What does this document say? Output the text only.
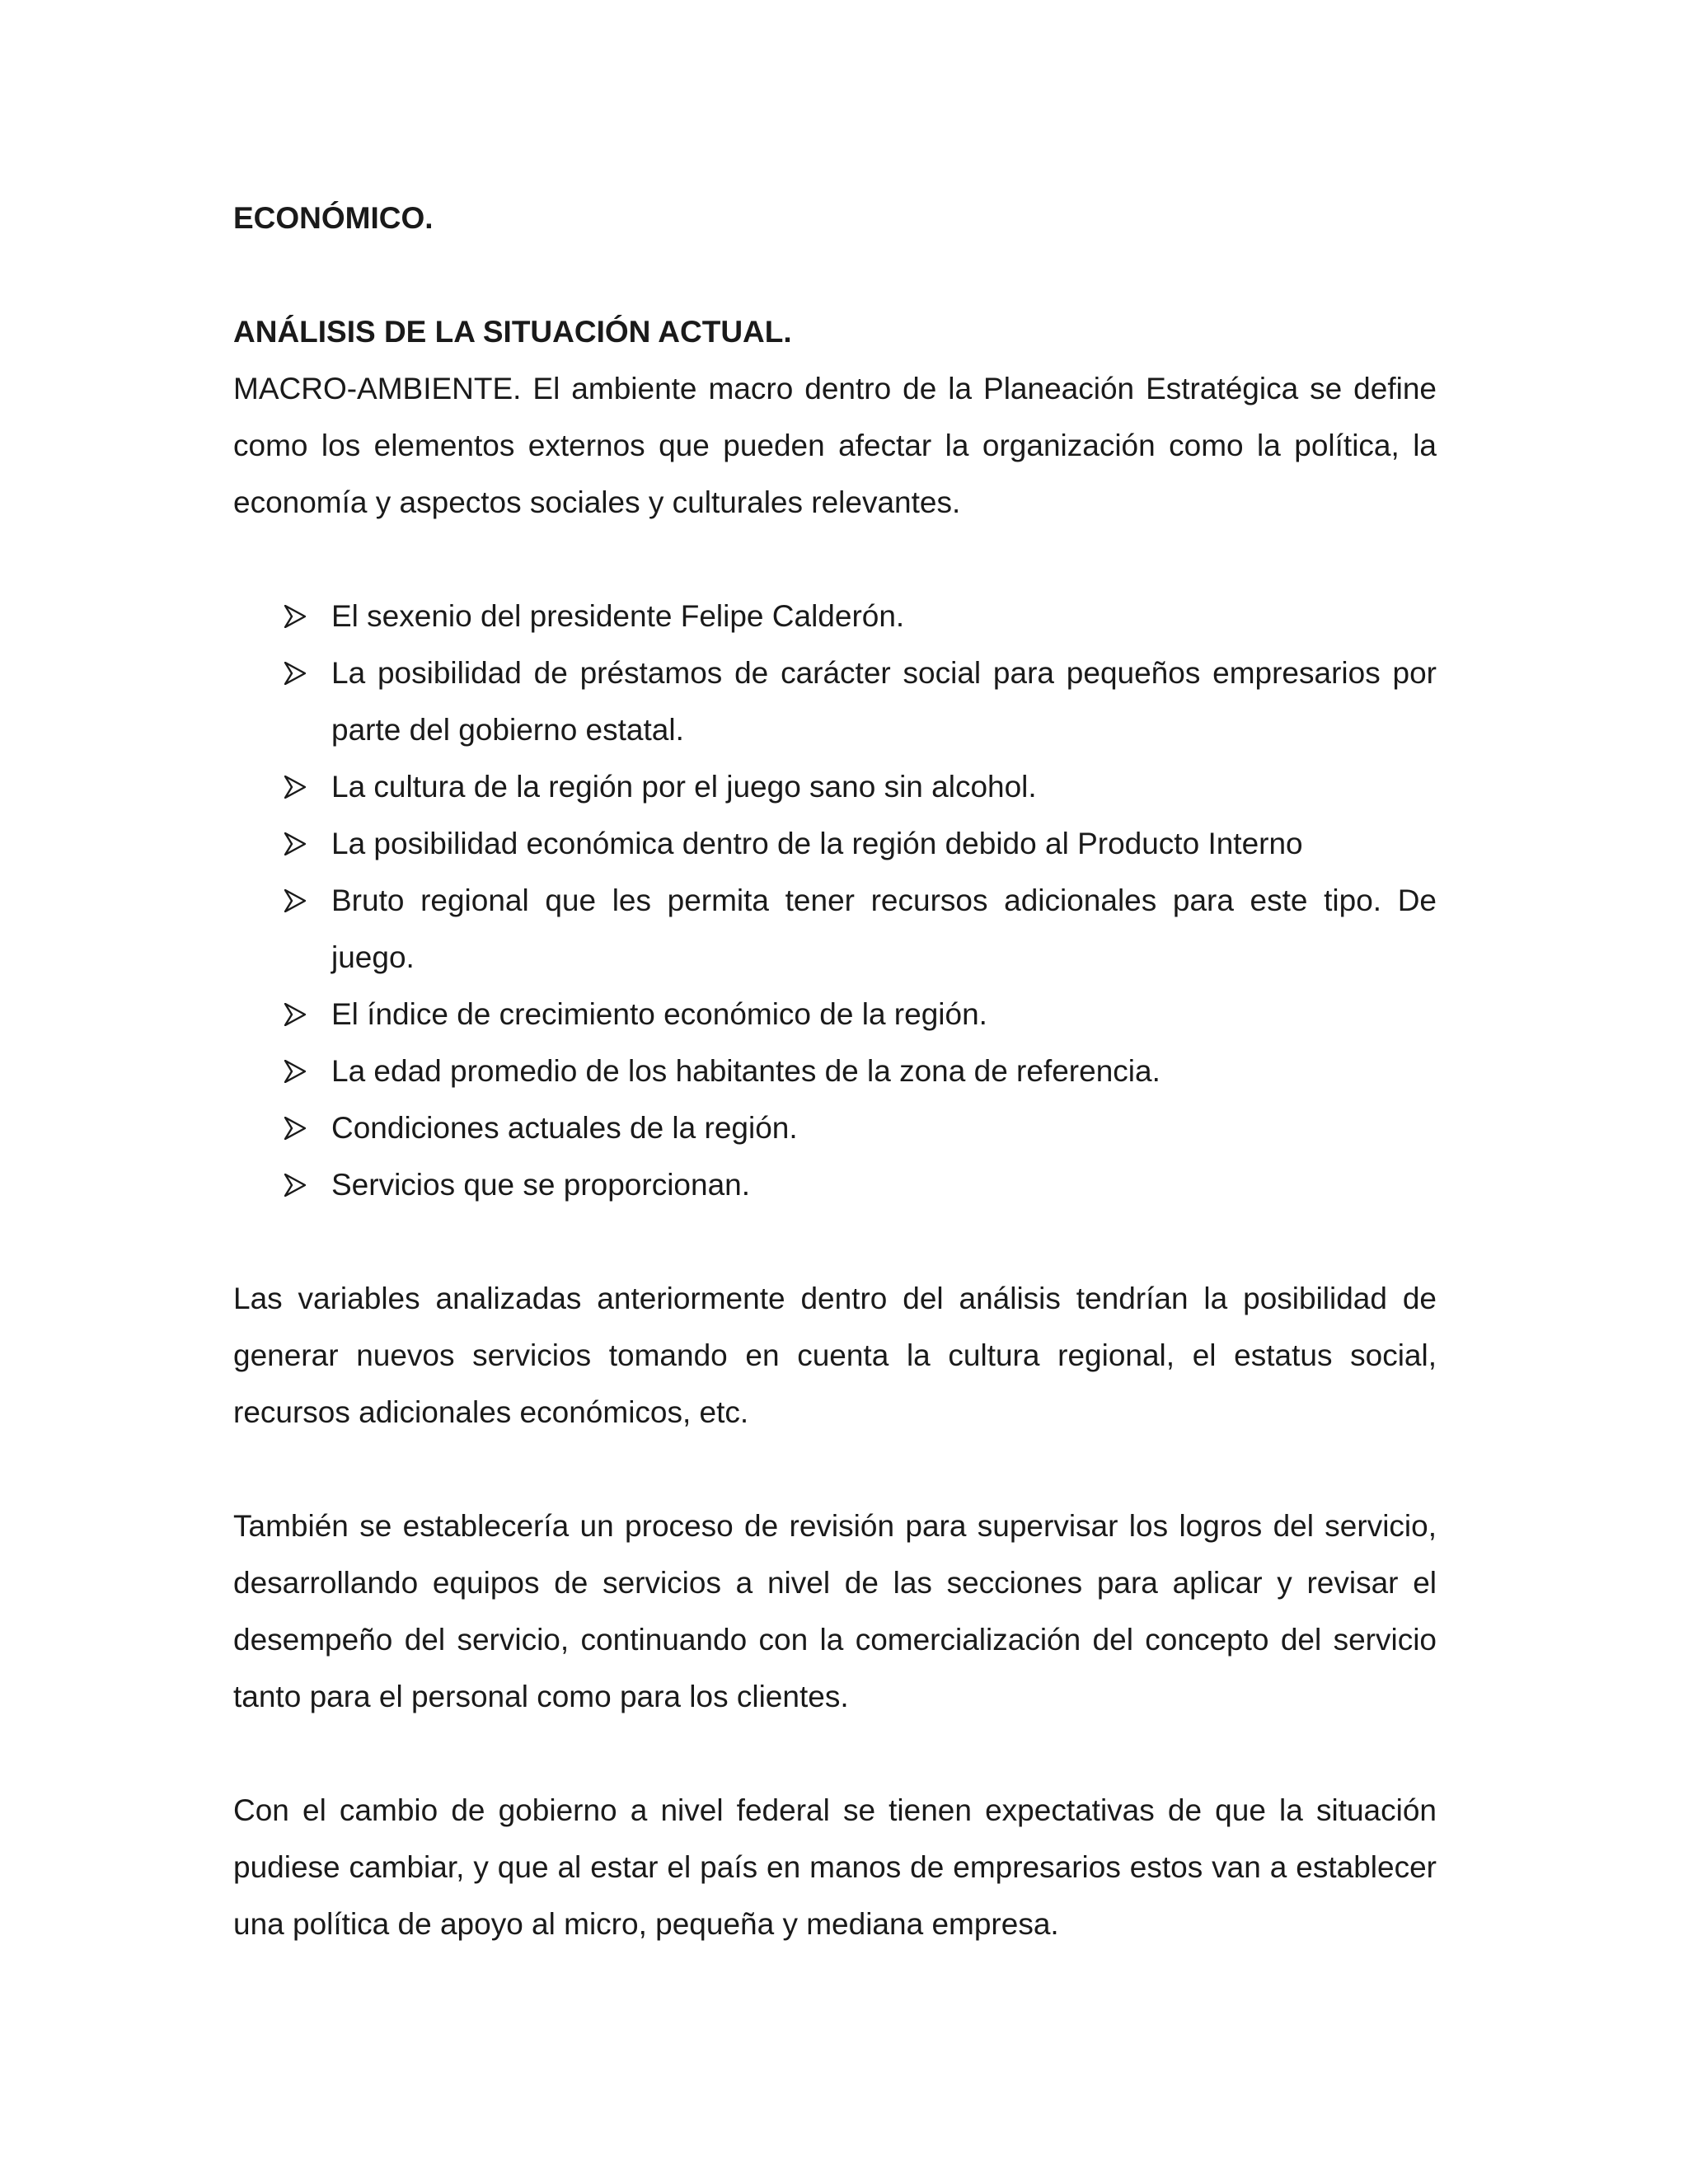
ECONÓMICO.

ANÁLISIS DE LA SITUACIÓN ACTUAL.

MACRO-AMBIENTE. El ambiente macro dentro de la Planeación Estratégica se define como los elementos externos que pueden afectar la organización como la política, la economía y aspectos sociales y culturales relevantes.

El sexenio del presidente Felipe Calderón.
La posibilidad de préstamos de carácter social para pequeños empresarios por parte del gobierno estatal.
La cultura de la región por el juego sano sin alcohol.
La posibilidad económica dentro de la región debido al Producto Interno
Bruto regional que les permita tener recursos adicionales para este tipo. De juego.
El índice de crecimiento económico de la región.
La edad promedio de los habitantes de la zona de referencia.
Condiciones actuales de la región.
Servicios que se proporcionan.

Las variables analizadas anteriormente dentro del análisis tendrían la posibilidad de generar nuevos servicios tomando en cuenta la cultura regional, el estatus social, recursos adicionales económicos, etc.

También se establecería un proceso de revisión para supervisar los logros del servicio, desarrollando equipos de servicios a nivel de las secciones para aplicar y revisar el desempeño del servicio, continuando con la comercialización del concepto del servicio tanto para el personal como para los clientes.

Con el cambio de gobierno a nivel federal se tienen expectativas de que la situación pudiese cambiar, y que al estar el país en manos de empresarios estos van a establecer una política de apoyo al micro, pequeña y mediana empresa.
